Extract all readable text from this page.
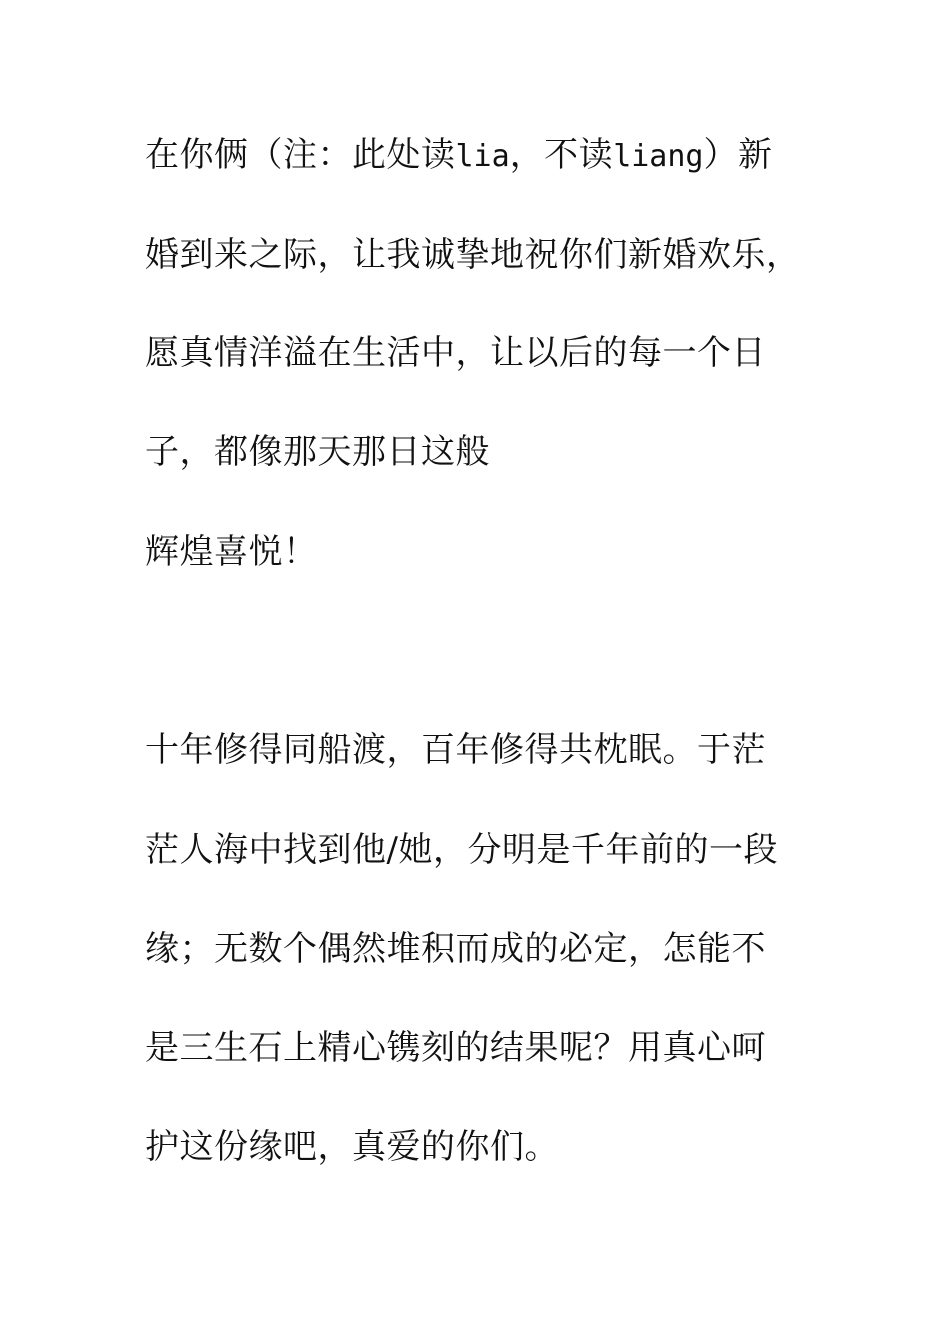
在你俩（注：此处读lia，不读liang）新
婚到来之际，让我诚挚地祝你们新婚欢乐，
愿真情洋溢在生活中，让以后的每一个日
子，都像那天那日这般
辉煌喜悦！
十年修得同船渡，百年修得共枕眠。于茫
茫人海中找到他/她，分明是千年前的一段
缘；无数个偶然堆积而成的必定，怎能不
是三生石上精心镌刻的结果呢？用真心呵
护这份缘吧，真爱的你们。
